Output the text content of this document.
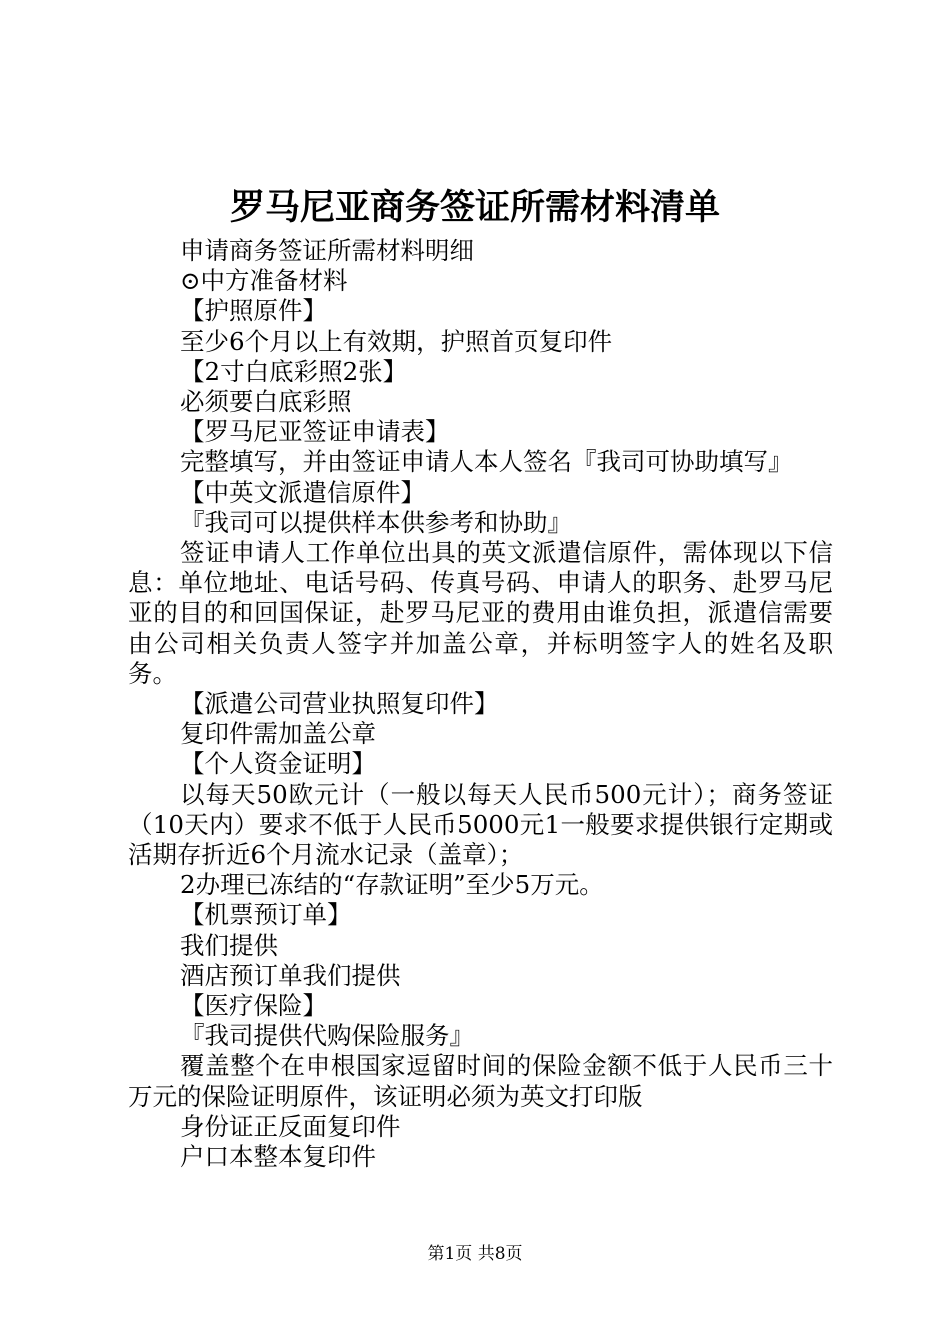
罗马尼亚商务签证所需材料清单

申请商务签证所需材料明细

⊙中方准备材料

【护照原件】

至少6个月以上有效期，护照首页复印件

【2寸白底彩照2张】

必须要白底彩照

【罗马尼亚签证申请表】

完整填写，并由签证申请人本人签名『我司可协助填写』

【中英文派遣信原件】

『我司可以提供样本供参考和协助』

签证申请人工作单位出具的英文派遣信原件，需体现以下信息：单位地址、电话号码、传真号码、申请人的职务、赴罗马尼亚的目的和回国保证，赴罗马尼亚的费用由谁负担，派遣信需要由公司相关负责人签字并加盖公章，并标明签字人的姓名及职务。

【派遣公司营业执照复印件】

复印件需加盖公章

【个人资金证明】

以每天50欧元计（一般以每天人民币500元计）；商务签证（10天内）要求不低于人民币5000元1一般要求提供银行定期或活期存折近6个月流水记录（盖章）；

2办理已冻结的“存款证明”至少5万元。

【机票预订单】

我们提供

酒店预订单我们提供

【医疗保险】

『我司提供代购保险服务』

覆盖整个在申根国家逗留时间的保险金额不低于人民币三十万元的保险证明原件，该证明必须为英文打印版

身份证正反面复印件

户口本整本复印件

第1页 共8页
